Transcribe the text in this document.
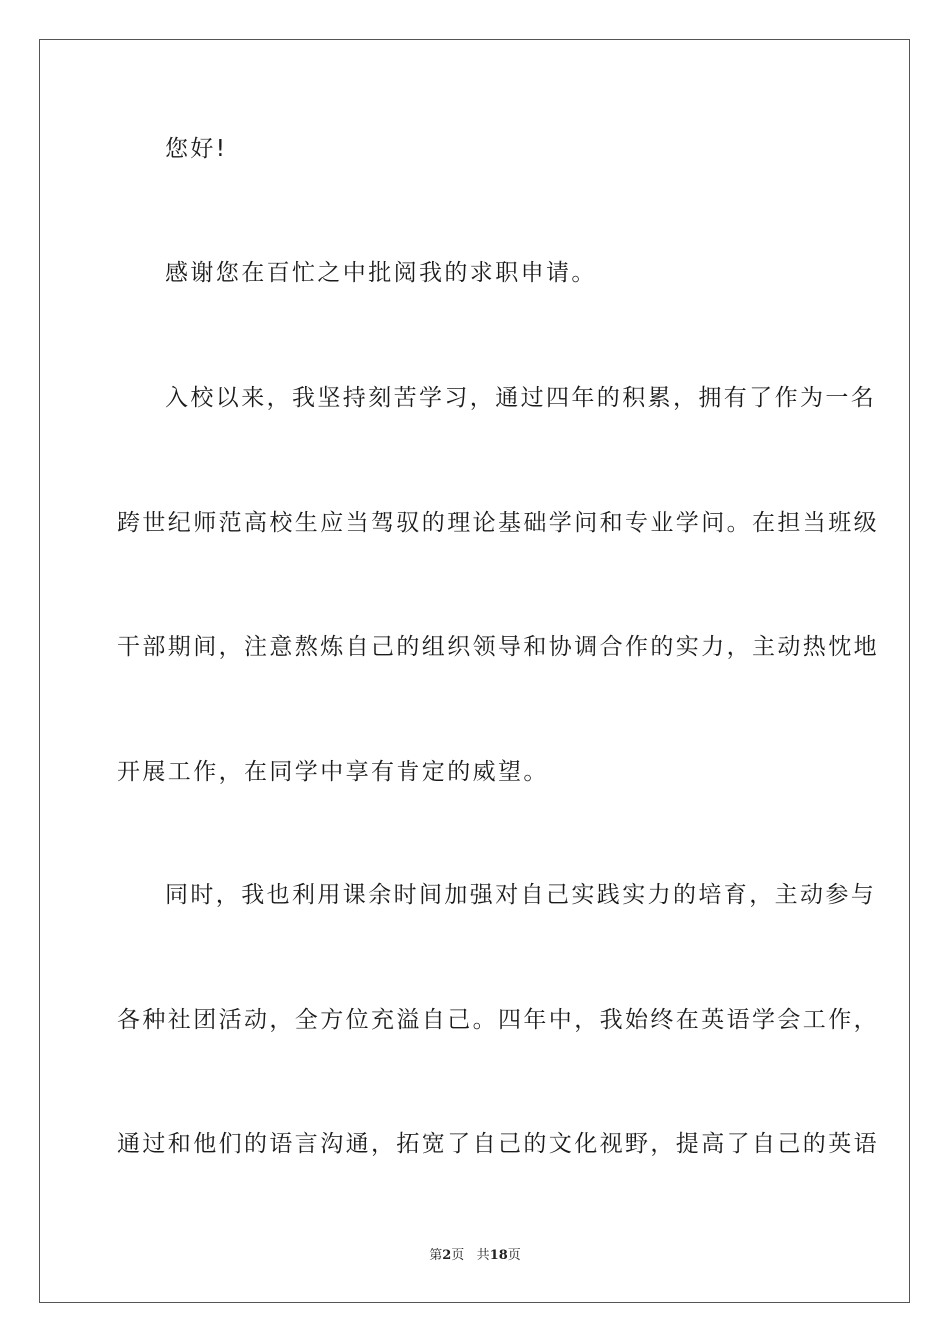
您好!
感谢您在百忙之中批阅我的求职申请。
入校以来，我坚持刻苦学习，通过四年的积累，拥有了作为一名
跨世纪师范高校生应当驾驭的理论基础学问和专业学问。在担当班级
干部期间，注意熬炼自己的组织领导和协调合作的实力，主动热忱地
开展工作，在同学中享有肯定的威望。
同时，我也利用课余时间加强对自己实践实力的培育，主动参与
各种社团活动，全方位充溢自己。四年中，我始终在英语学会工作，
通过和他们的语言沟通，拓宽了自己的文化视野，提高了自己的英语
第2页 共18页
